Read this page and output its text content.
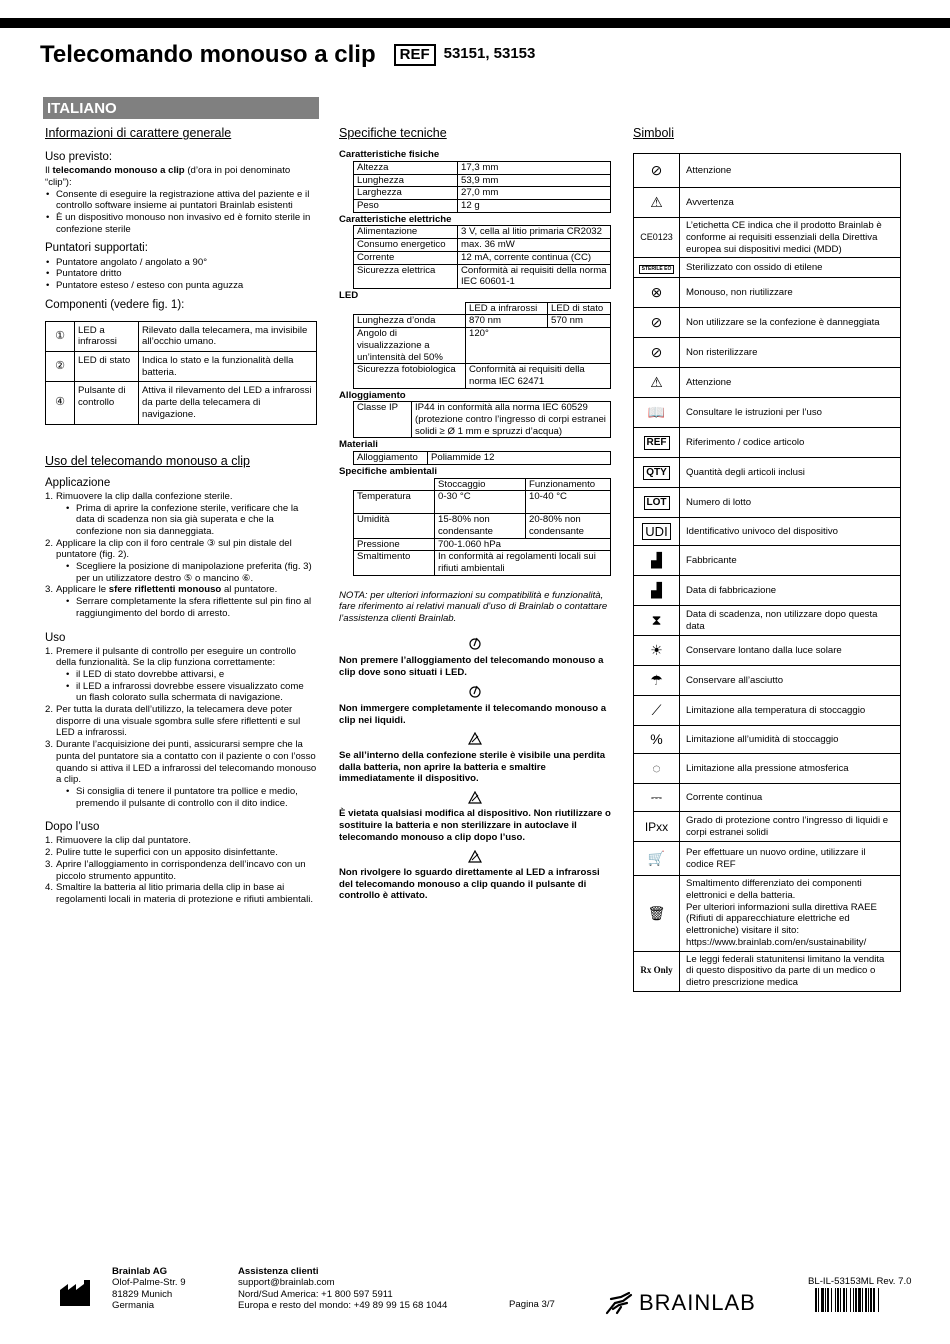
Telecomando monouso a clip	REF 53151, 53153
ITALIANO
Informazioni di carattere generale
Uso previsto:

Il telecomando monouso a clip (d’ora in poi denominato “clip”):

• Consente di eseguire la registrazione attiva del paziente e il controllo software insieme ai puntatori Brainlab esistenti
• È un dispositivo monouso non invasivo ed è fornito sterile in confezione sterile
Puntatori supportati:
• Puntatore angolato / angolato a 90°
• Puntatore dritto
• Puntatore esteso / esteso con punta aguzza
Componenti (vedere fig. 1):
①	LED a infrarossi	Rilevato dalla telecamera, ma invisibile all’occhio umano.
②	LED di stato	Indica lo stato e la funzionalità della batteria.
④	Pulsante di controllo	Attiva il rilevamento del LED a infrarossi da parte della telecamera di navigazione.
Uso del telecomando monouso a clip
Applicazione
1. Rimuovere la clip dalla confezione sterile.
• Prima di aprire la confezione sterile, verificare che la data di scadenza non sia già superata e che la confezione non sia danneggiata.
2. Applicare la clip con il foro centrale ③ sul pin distale del puntatore (fig. 2).
• Scegliere la posizione di manipolazione preferita (fig. 3) per un utilizzatore destro ⑤ o mancino ⑥.
3. Applicare le sfere riflettenti monouso al puntatore.
• Serrare completamente la sfera riflettente sul pin fino al raggiungimento del bordo di arresto.
Uso
1. Premere il pulsante di controllo per eseguire un controllo della funzionalità. Se la clip funziona correttamente:
• il LED di stato dovrebbe attivarsi, e
• il LED a infrarossi dovrebbe essere visualizzato come un flash colorato sulla schermata di navigazione.
2. Per tutta la durata dell’utilizzo, la telecamera deve poter disporre di una visuale sgombra sulle sfere riflettenti e sul LED a infrarossi.
3. Durante l’acquisizione dei punti, assicurarsi sempre che la punta del puntatore sia a contatto con il paziente o con l’osso quando si attiva il LED a infrarossi del telecomando monouso a clip.
• Si consiglia di tenere il puntatore tra pollice e medio, premendo il pulsante di controllo con il dito indice.
Dopo l’uso
1. Rimuovere la clip dal puntatore.
2. Pulire tutte le superfici con un apposito disinfettante.
3. Aprire l’alloggiamento in corrispondenza dell’incavo con un piccolo strumento appuntito.
4. Smaltire la batteria al litio primaria della clip in base ai regolamenti locali in materia di protezione e rifiuti ambientali.
Specifiche tecniche
Caratteristiche fisiche
Altezza	17,3 mm
Lunghezza	53,9 mm
Larghezza	27,0 mm
Peso	12 g
Caratteristiche elettriche
Alimentazione	3 V, cella al litio primaria CR2032
Consumo energetico	max. 36 mW
Corrente	12 mA, corrente continua (CC)
Sicurezza elettrica	Conformità ai requisiti della norma IEC 60601-1
LED
	LED a infrarossi	LED di stato
Lunghezza d’onda	870 nm	570 nm
Angolo di visualizzazione a un’intensità del 50%	120°	
Sicurezza fotobiologica	Conformità ai requisiti della norma IEC 62471	
Alloggiamento
Classe IP	IP44 in conformità alla norma IEC 60529 (protezione contro l’ingresso di corpi estranei solidi ≥ Ø 1 mm e spruzzi d’acqua)
Materiali
Alloggiamento	Poliammide 12
Specifiche ambientali
	Stoccaggio	Funzionamento
Temperatura	0-30 °C	10-40 °C
Umidità	15-80% non condensante	20-80% non condensante
Pressione	700-1.060 hPa	
Smaltimento	In conformità ai regolamenti locali sui rifiuti ambientali	

NOTA: per ulteriori informazioni su compatibilità e funzionalità, fare riferimento ai relativi manuali d’uso di Brainlab o contattare l’assistenza clienti Brainlab.

Non premere l’alloggiamento del telecomando monouso a clip dove sono situati i LED.

Non immergere completamente il telecomando monouso a clip nei liquidi.

Se all’interno della confezione sterile è visibile una perdita dalla batteria, non aprire la batteria e smaltire immediatamente il dispositivo.

È vietata qualsiasi modifica al dispositivo. Non riutilizzare o sostituire la batteria e non sterilizzare in autoclave il telecomando monouso a clip dopo l’uso.

Non rivolgere lo sguardo direttamente al LED a infrarossi del telecomando monouso a clip quando il pulsante di controllo è attivato.

Simboli
⊘	Attenzione
⚠	Avvertenza
CE0123	L’etichetta CE indica che il prodotto Brainlab è conforme ai requisiti essenziali della Direttiva europea sui dispositivi medici (MDD)
STERILE EO	Sterilizzato con ossido di etilene
⊗	Monouso, non riutilizzare
⊘	Non utilizzare se la confezione è danneggiata
⊘	Non risterilizzare
⚠	Attenzione
📖	Consultare le istruzioni per l’uso
REF	Riferimento / codice articolo
QTY	Quantità degli articoli inclusi
LOT	Numero di lotto
UDI	Identificativo univoco del dispositivo
▟	Fabbricante
▟	Data di fabbricazione
⧗	Data di scadenza, non utilizzare dopo questa data
☀	Conservare lontano dalla luce solare
☂	Conservare all’asciutto
⟋	Limitazione alla temperatura di stoccaggio
%	Limitazione all’umidità di stoccaggio
◌	Limitazione alla pressione atmosferica
⎓	Corrente continua
IPxx	Grado di protezione contro l’ingresso di liquidi e corpi estranei solidi
🛒	Per effettuare un nuovo ordine, utilizzare il codice REF
🗑	Smaltimento differenziato dei componenti elettronici e della batteria.
Per ulteriori informazioni sulla direttiva RAEE (Rifiuti di apparecchiature elettriche ed elettroniche) visitare il sito:
https://www.brainlab.com/en/sustainability/
Rx Only	Le leggi federali statunitensi limitano la vendita di questo dispositivo da parte di un medico o dietro prescrizione medica
Brainlab AG
Olof-Palme-Str. 9
81829 Munich
Germania
Assistenza clienti
support@brainlab.com
Nord/Sud America: +1 800 597 5911
Europa e resto del mondo: +49 89 99 15 68 1044	Pagina 3/7	BRAINLAB
BL-IL-53153ML Rev. 7.0
